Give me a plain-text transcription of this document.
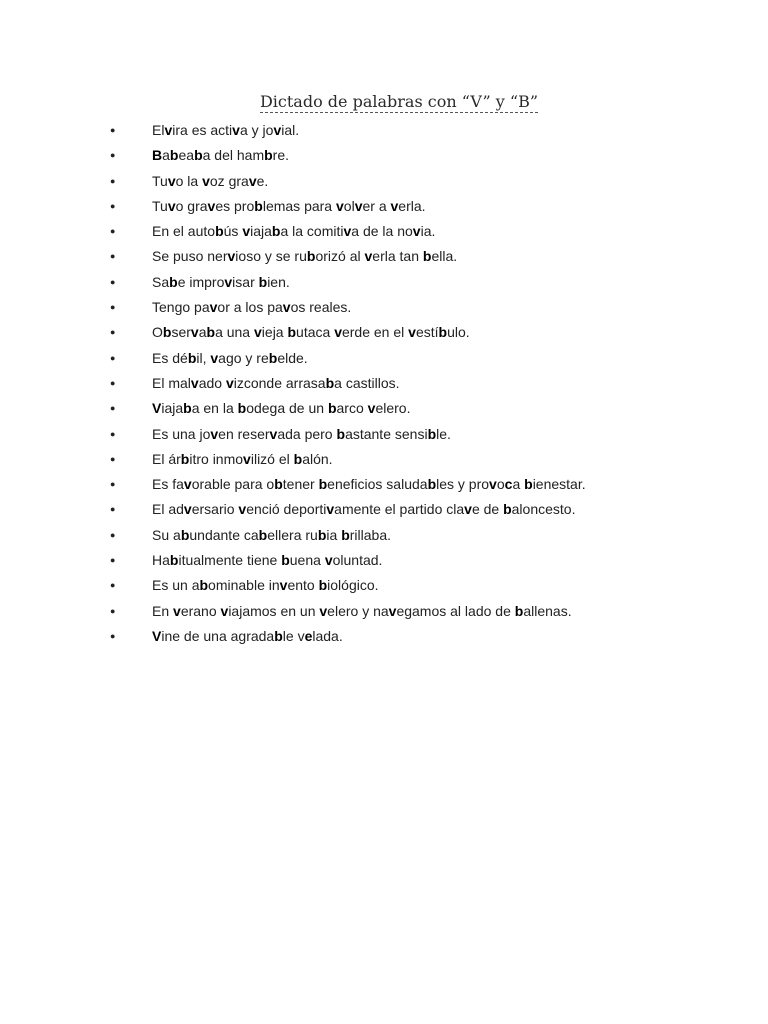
Dictado de palabras con “V” y “B”
●	Elvira es activa y jovial.
●	Babeaba del hambre.
●	Tuvo la voz grave.
●	Tuvo graves problemas para volver a verla.
●	En el autobús viajaba la comitiva de la novia.
●	Se puso nervioso y se ruborizó al verla tan bella.
●	Sabe improvisar bien.
●	Tengo pavor a los pavos reales.
●	Observaba una vieja butaca verde en el vestíbulo.
●	Es débil, vago y rebelde.
●	El malvado vizconde arrasaba castillos.
●	Viajaba en la bodega de un barco velero.
●	Es una joven reservada pero bastante sensible.
●	El árbitro inmovilizó el balón.
●	Es favorable para obtener beneficios saludables y provoca bienestar.
●	El adversario venció deportivamente el partido clave de baloncesto.
●	Su abundante cabellera rubia brillaba.
●	Habitualmente tiene buena voluntad.
●	Es un abominable invento biológico.
●	En verano viajamos en un velero y navegamos al lado de ballenas.
●	Vine de una agradable velada.
